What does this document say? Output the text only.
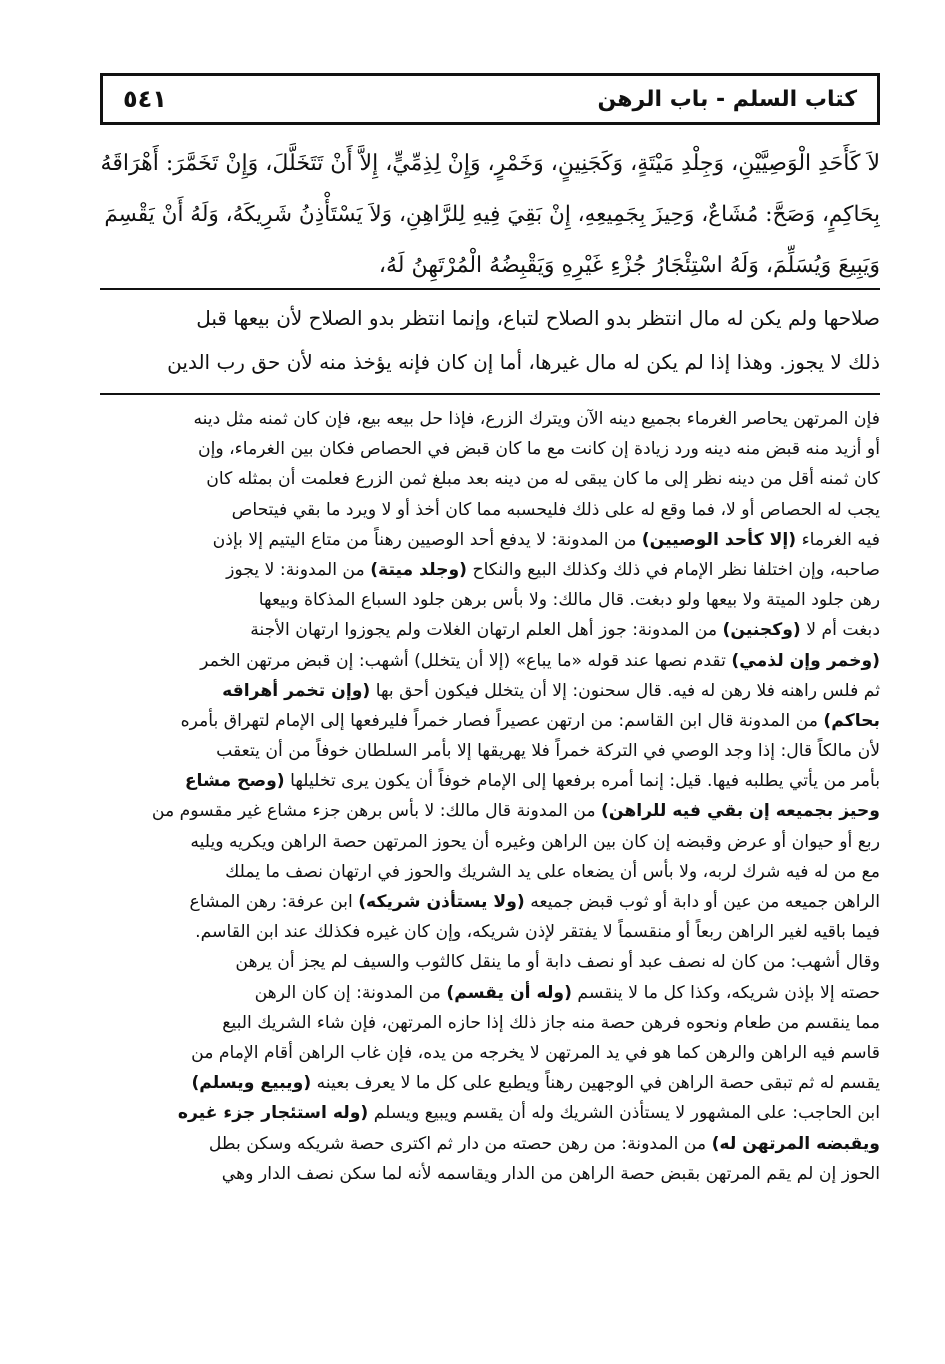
كتاب السلم - باب الرهن
٥٤١
لاَ كَأَحَدِ الْوَصِيَّيْنِ، وَجِلْدِ مَيْتَةٍ، وَكَجَنِينٍ، وَخَمْرٍ، وَإِنْ لِذِمِّيٍّ، إِلاَّ أَنْ تَتَخَلَّلَ، وَإِنْ تَخَمَّرَ: أَهْرَاقَهُ
بِحَاكِمٍ، وَصَحَّ: مُشَاعٌ، وَحِيزَ بِجَمِيعِهِ، إِنْ بَقِيَ فِيهِ لِلرَّاهِنِ، وَلاَ يَسْتَأْذِنُ شَرِيكَهُ، وَلَهُ أَنْ يَقْسِمَ
وَيَبِيعَ وَيُسَلِّمَ، وَلَهُ اسْتِئْجَارُ جُزْءِ غَيْرِهِ وَيَقْبِضُهُ الْمُرْتَهِنُ لَهُ،
صلاحها ولم يكن له مال انتظر بدو الصلاح لتباع، وإنما انتظر بدو الصلاح لأن بيعها قبل
ذلك لا يجوز. وهذا إذا لم يكن له مال غيرها، أما إن كان فإنه يؤخذ منه لأن حق رب الدين
فإن المرتهن يحاصر الغرماء بجميع دينه الآن ويترك الزرع، فإذا حل بيعه بيع، فإن كان ثمنه مثل دينه
أو أزيد منه قبض منه دينه ورد زيادة إن كانت مع ما كان قبض في الحصاص فكان بين الغرماء، وإن
كان ثمنه أقل من دينه نظر إلى ما كان يبقى له من دينه بعد مبلغ ثمن الزرع فعلمت أن بمثله كان
يجب له الحصاص أو لا، فما وقع له على ذلك فليحسبه مما كان أخذ أو لا ويرد ما بقي فيتحاص
فيه الغرماء (إلا كأحد الوصيين) من المدونة: لا يدفع أحد الوصيين رهناً من متاع اليتيم إلا بإذن
صاحبه، وإن اختلفا نظر الإمام في ذلك وكذلك البيع والنكاح (وجلد ميتة) من المدونة: لا يجوز
رهن جلود الميتة ولا بيعها ولو دبغت. قال مالك: ولا بأس برهن جلود السباع المذكاة وبيعها
دبغت أم لا (وكجنين) من المدونة: جوز أهل العلم ارتهان الغلات ولم يجوزوا ارتهان الأجنة
(وخمر وإن لذمي) تقدم نصها عند قوله «ما يباع» (إلا أن يتخلل) أشهب: إن قبض مرتهن الخمر
ثم فلس راهنه فلا رهن له فيه. قال سحنون: إلا أن يتخلل فيكون أحق بها (وإن تخمر أهراقه
بحاكم) من المدونة قال ابن القاسم: من ارتهن عصيراً فصار خمراً فليرفعها إلى الإمام لتهراق بأمره
لأن مالكاً قال: إذا وجد الوصي في التركة خمراً فلا يهريقها إلا بأمر السلطان خوفاً من أن يتعقب
بأمر من يأتي يطلبه فيها. قيل: إنما أمره برفعها إلى الإمام خوفاً أن يكون يرى تخليلها (وصح مشاع
وحيز بجميعه إن بقي فيه للراهن) من المدونة قال مالك: لا بأس برهن جزء مشاع غير مقسوم من
ربع أو حيوان أو عرض وقبضه إن كان بين الراهن وغيره أن يحوز المرتهن حصة الراهن ويكريه ويليه
مع من له فيه شرك لربه، ولا بأس أن يضعاه على يد الشريك والحوز في ارتهان نصف ما يملك
الراهن جميعه من عين أو دابة أو ثوب قبض جميعه (ولا يستأذن شريكه) ابن عرفة: رهن المشاع
فيما باقيه لغير الراهن ربعاً أو منقسماً لا يفتقر لإذن شريكه، وإن كان غيره فكذلك عند ابن القاسم.
وقال أشهب: من كان له نصف عبد أو نصف دابة أو ما ينقل كالثوب والسيف لم يجز أن يرهن
حصته إلا بإذن شريكه، وكذا كل ما لا ينقسم (وله أن يقسم) من المدونة: إن كان الرهن
مما ينقسم من طعام ونحوه فرهن حصة منه جاز ذلك إذا حازه المرتهن، فإن شاء الشريك البيع
قاسم فيه الراهن والرهن كما هو في يد المرتهن لا يخرجه من يده، فإن غاب الراهن أقام الإمام من
يقسم له ثم تبقى حصة الراهن في الوجهين رهناً ويطبع على كل ما لا يعرف بعينه (ويبيع ويسلم)
ابن الحاجب: على المشهور لا يستأذن الشريك وله أن يقسم ويبيع ويسلم (وله استئجار جزء غيره
ويقبضه المرتهن له) من المدونة: من رهن حصته من دار ثم اكترى حصة شريكه وسكن بطل
الحوز إن لم يقم المرتهن بقبض حصة الراهن من الدار ويقاسمه لأنه لما سكن نصف الدار وهي
